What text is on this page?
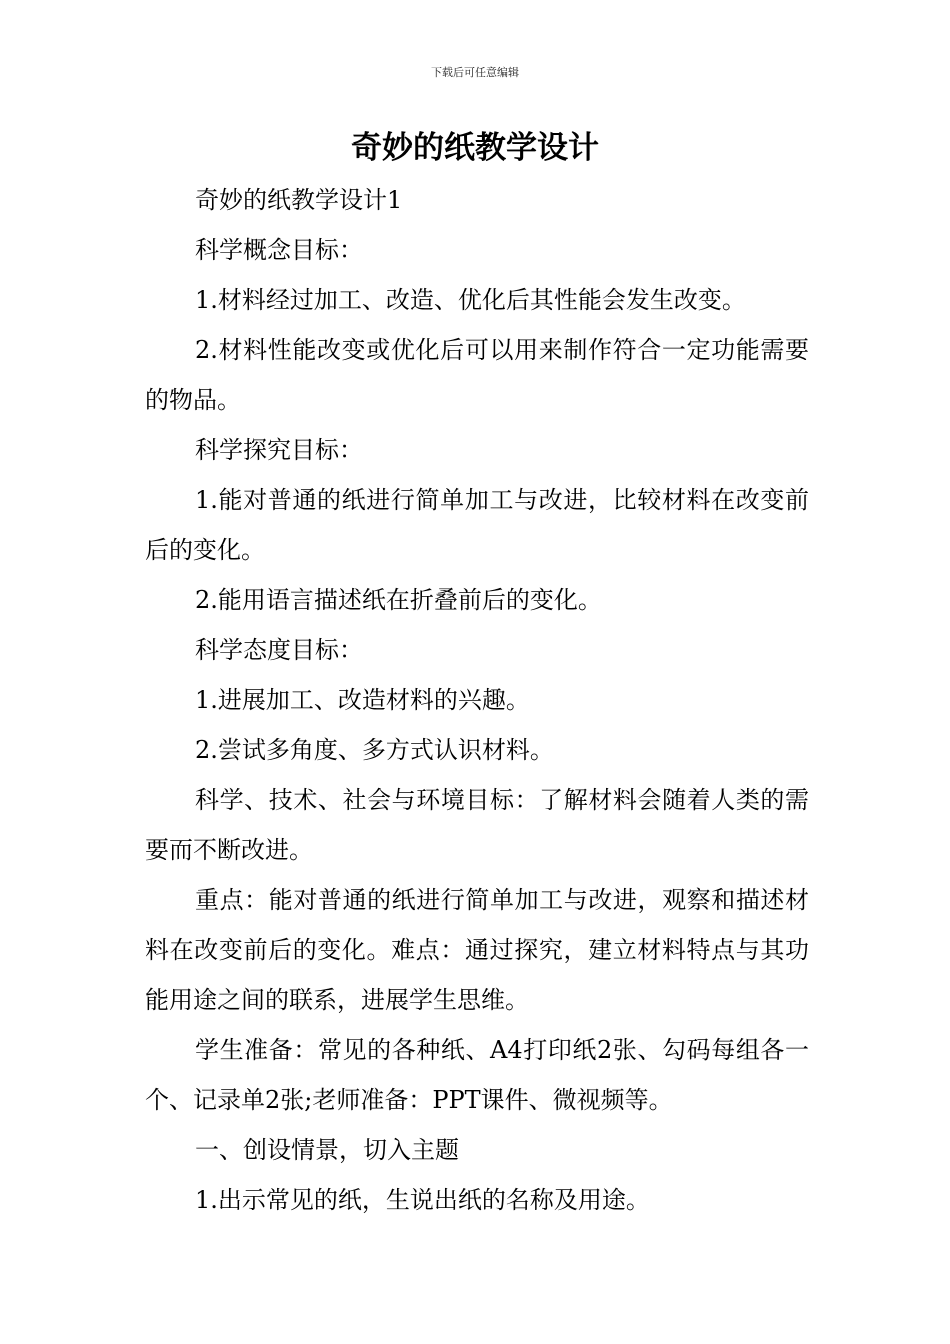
下载后可任意编辑
奇妙的纸教学设计

奇妙的纸教学设计1

科学概念目标：

1.材料经过加工、改造、优化后其性能会发生改变。

2.材料性能改变或优化后可以用来制作符合一定功能需要的物品。

科学探究目标：

1.能对普通的纸进行简单加工与改进，比较材料在改变前后的变化。

2.能用语言描述纸在折叠前后的变化。

科学态度目标：

1.进展加工、改造材料的兴趣。

2.尝试多角度、多方式认识材料。

科学、技术、社会与环境目标：了解材料会随着人类的需要而不断改进。

重点：能对普通的纸进行简单加工与改进，观察和描述材料在改变前后的变化。难点：通过探究，建立材料特点与其功能用途之间的联系，进展学生思维。

学生准备：常见的各种纸、A4打印纸2张、勾码每组各一个、记录单2张;老师准备：PPT课件、微视频等。

一、创设情景，切入主题

1.出示常见的纸，生说出纸的名称及用途。
